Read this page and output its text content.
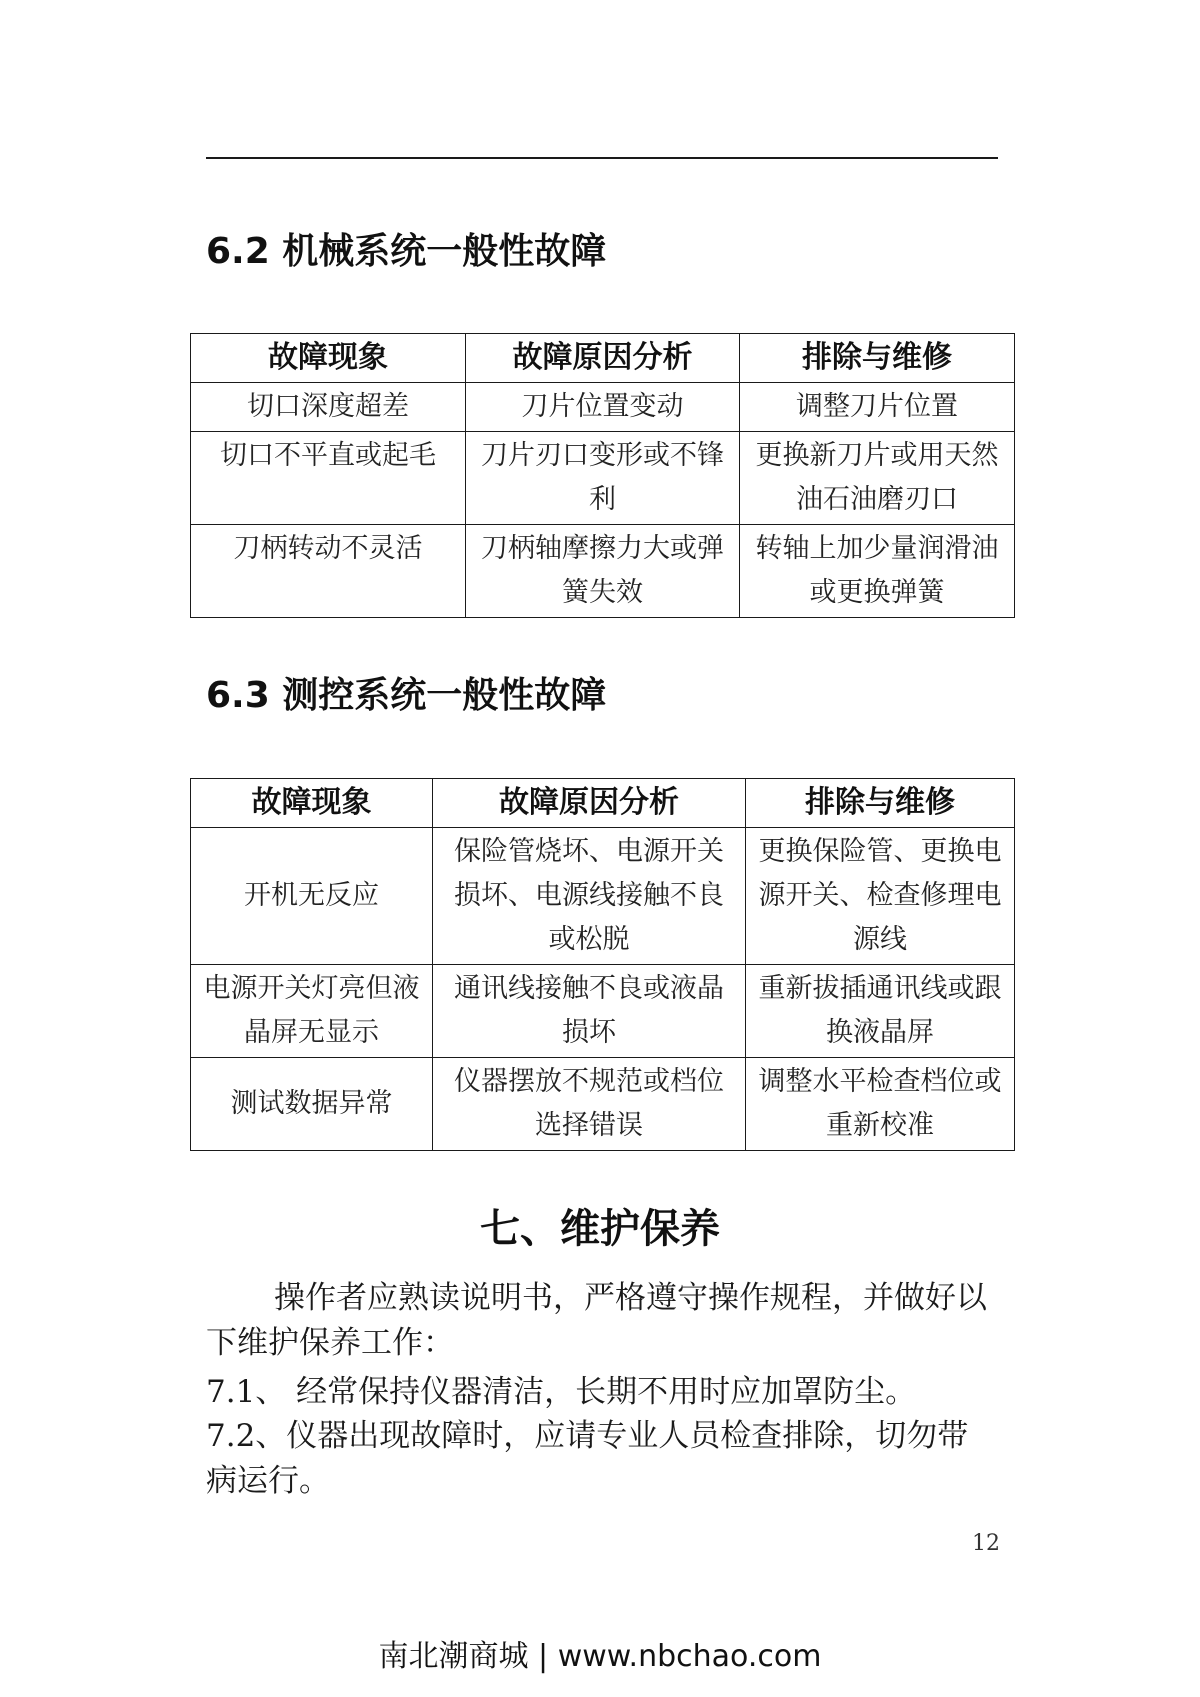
6.2 机械系统一般性故障
故障现象	故障原因分析	排除与维修
切口深度超差	刀片位置变动	调整刀片位置
切口不平直或起毛	刀片刃口变形或不锋利	更换新刀片或用天然油石油磨刃口
刀柄转动不灵活	刀柄轴摩擦力大或弹簧失效	转轴上加少量润滑油或更换弹簧
6.3 测控系统一般性故障
故障现象	故障原因分析	排除与维修
开机无反应	保险管烧坏、电源开关损坏、电源线接触不良或松脱	更换保险管、更换电源开关、检查修理电源线
电源开关灯亮但液晶屏无显示	通讯线接触不良或液晶损坏	重新拔插通讯线或跟换液晶屏
测试数据异常	仪器摆放不规范或档位选择错误	调整水平检查档位或重新校准
七、维护保养

操作者应熟读说明书，严格遵守操作规程，并做好以下维护保养工作：

7.1、 经常保持仪器清洁，长期不用时应加罩防尘。

7.2、仪器出现故障时，应请专业人员检查排除，切勿带病运行。

12
南北潮商城 | www.nbchao.com
